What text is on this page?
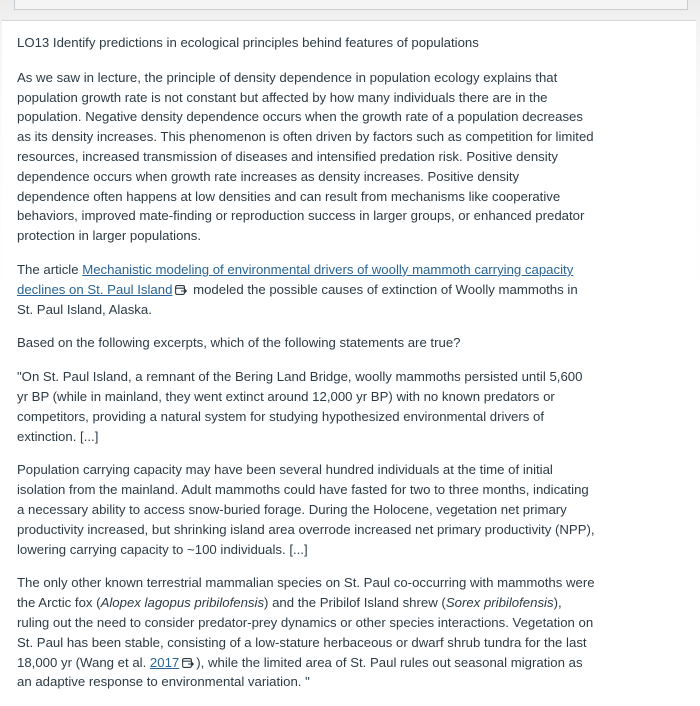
LO13 Identify predictions in ecological principles behind features of populations

As we saw in lecture, the principle of density dependence in population ecology explains that population growth rate is not constant but affected by how many individuals there are in the population. Negative density dependence occurs when the growth rate of a population decreases as its density increases. This phenomenon is often driven by factors such as competition for limited resources, increased transmission of diseases and intensified predation risk. Positive density dependence occurs when growth rate increases as density increases. Positive density dependence often happens at low densities and can result from mechanisms like cooperative behaviors, improved mate-finding or reproduction success in larger groups, or enhanced predator protection in larger populations.

The article Mechanistic modeling of environmental drivers of woolly mammoth carrying capacity declines on St. Paul Island modeled the possible causes of extinction of Woolly mammoths in St. Paul Island, Alaska.

Based on the following excerpts, which of the following statements are true?

"On St. Paul Island, a remnant of the Bering Land Bridge, woolly mammoths persisted until 5,600 yr BP (while in mainland, they went extinct around 12,000 yr BP) with no known predators or competitors, providing a natural system for studying hypothesized environmental drivers of extinction. [...]

Population carrying capacity may have been several hundred individuals at the time of initial isolation from the mainland. Adult mammoths could have fasted for two to three months, indicating a necessary ability to access snow-buried forage. During the Holocene, vegetation net primary productivity increased, but shrinking island area overrode increased net primary productivity (NPP), lowering carrying capacity to ~100 individuals. [...]

The only other known terrestrial mammalian species on St. Paul co-occurring with mammoths were the Arctic fox (Alopex lagopus pribilofensis) and the Pribilof Island shrew (Sorex pribilofensis), ruling out the need to consider predator-prey dynamics or other species interactions. Vegetation on St. Paul has been stable, consisting of a low-stature herbaceous or dwarf shrub tundra for the last 18,000 yr (Wang et al. 2017 ), while the limited area of St. Paul rules out seasonal migration as an adaptive response to environmental variation. "
